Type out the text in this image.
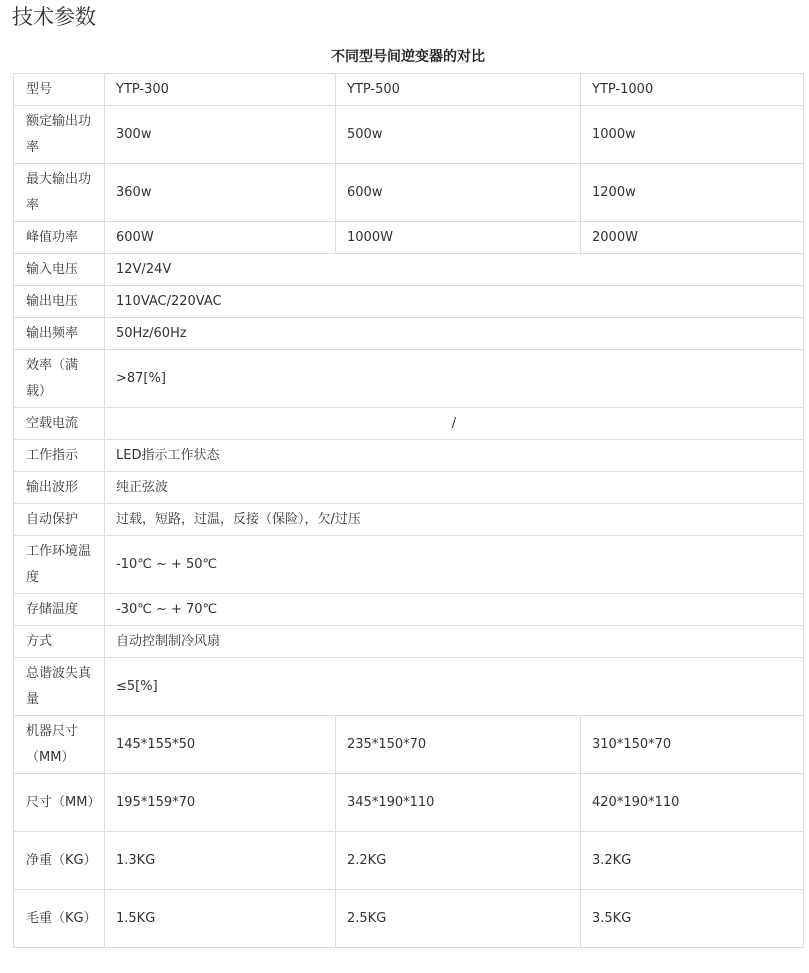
技术参数
不同型号间逆变器的对比
型号	YTP-300	YTP-500	YTP-1000
额定输出功率	300w	500w	1000w
最大输出功率	360w	600w	1200w
峰值功率	600W	1000W	2000W
输入电压	12V/24V		
输出电压	110VAC/220VAC		
输出频率	50Hz/60Hz		
效率（满载）	>87[%]		
空载电流	/		
工作指示	LED指示工作状态		
输出波形	纯正弦波		
自动保护	过载，短路，过温，反接（保险），欠/过压		
工作环境温度	-10℃ ~ + 50℃		
存储温度	-30℃ ~ + 70℃		
方式	自动控制制冷风扇		
总谐波失真量	≤5[%]		
机器尺寸（MM）	145*155*50	235*150*70	310*150*70
尺寸（MM）	195*159*70	345*190*110	420*190*110
净重（KG）	1.3KG	2.2KG	3.2KG
毛重（KG）	1.5KG	2.5KG	3.5KG
